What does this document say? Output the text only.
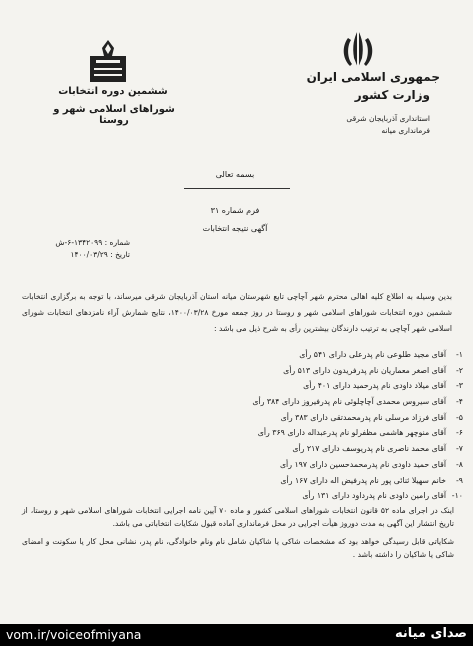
جمهوری اسلامی ایران
وزارت کشور
استانداری آذربایجان شرقی
فرمانداری میانه
ششمین دوره انتخابات
شوراهای اسلامی شهر و روستا
بسمه تعالی
فرم شماره ۳۱
آگهی نتیجه انتخابات
شماره : ۱۳۴۲۰۹۹-۶-ش
تاریخ : ۱۴۰۰/۰۳/۲۹
بدین وسیله به اطلاع کلیه اهالی محترم شهر آچاچی تابع شهرستان میانه استان آذربایجان شرقی میرساند، با توجه به برگزاری انتخابات ششمین دوره انتخابات شوراهای اسلامی شهر و روستا در روز جمعه مورخ ۱۴۰۰/۰۳/۲۸، نتایج شمارش آراء نامزدهای انتخابات شورای اسلامی شهر آچاچی به ترتیب دارندگان بیشترین رأی به شرح ذیل می باشد :
۱-
آقای مجید طلوعی نام پدرعلی دارای ۵۴۱ رأی
۲-
آقای اصغر معماریان نام پدرفریدون دارای ۵۱۳ رأی
۳-
آقای میلاد داودی نام پدرحمید دارای ۴۰۱ رأی
۴-
آقای سیروس محمدی آچاچلوئی نام پدرفیروز دارای ۳۸۴ رأی
۵-
آقای فرزاد مرسلی نام پدرمحمدتقی دارای ۳۸۳ رأی
۶-
آقای منوچهر هاشمی مظفرلو نام پدرعبداله دارای ۳۶۹ رأی
۷-
آقای محمد ناصری نام پدریوسف دارای ۲۱۷ رأی
۸-
آقای حمید داودی نام پدرمحمدحسین دارای ۱۹۷ رأی
۹-
خانم سهیلا ثنائی پور نام پدرفیض اله دارای ۱۶۷ رأی
۱۰-
آقای رامین داودی نام پدرداود دارای ۱۳۱ رأی
اینک در اجرای ماده ۵۲ قانون انتخابات شوراهای اسلامی کشور و ماده ۷۰ آیین نامه اجرایی انتخابات شوراهای اسلامی شهر و روستا، از تاریخ انتشار این آگهی به مدت دوروز هیأت اجرایی در محل فرمانداری آماده قبول شکایات انتخاباتی می باشد.
شکایاتی قابل رسیدگی خواهد بود که مشخصات شاکی یا شاکیان شامل نام ونام خانوادگی، نام پدر، نشانی محل کار یا سکونت و امضای شاکی یا شاکیان را داشته باشد .
vom.ir/voiceofmiyana	صدای میانه
